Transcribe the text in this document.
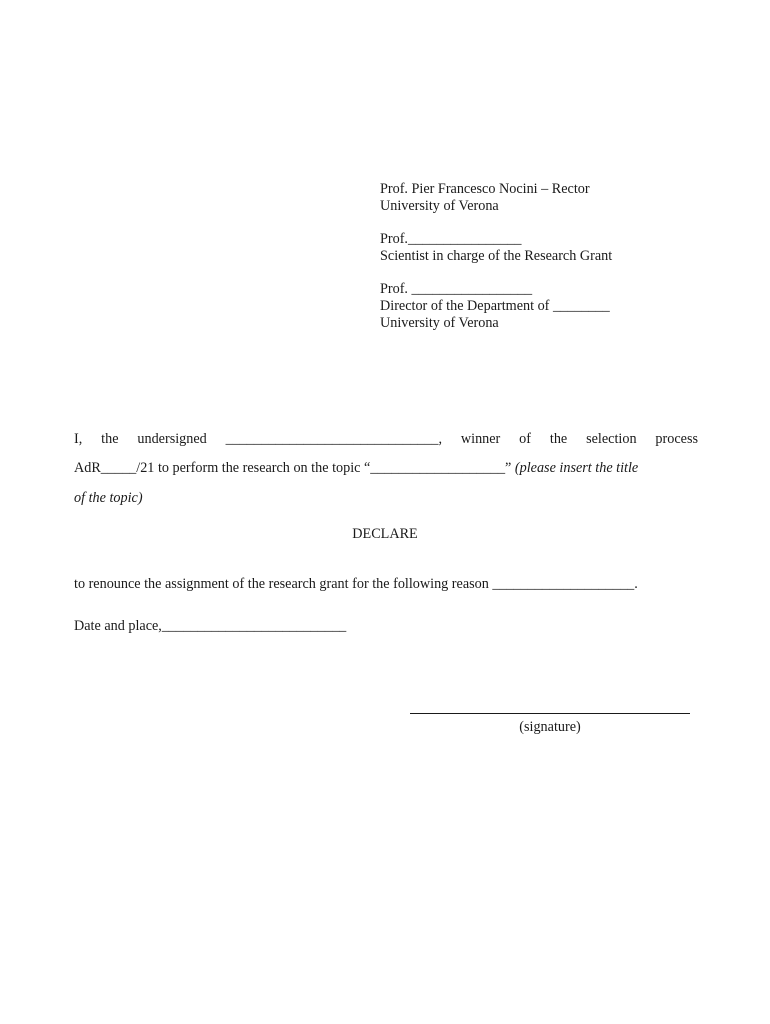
Prof. Pier Francesco Nocini – Rector
University of Verona
Prof.________________
Scientist in charge of the Research Grant
Prof. _________________
Director of the Department of ________
University of Verona
I, the undersigned ______________________________, winner of the selection process
AdR_____/21 to perform the research on the topic “___________________” (please insert the title
of the topic)
DECLARE
to renounce the assignment of the research grant for the following reason ____________________.
Date and place,__________________________
(signature)
